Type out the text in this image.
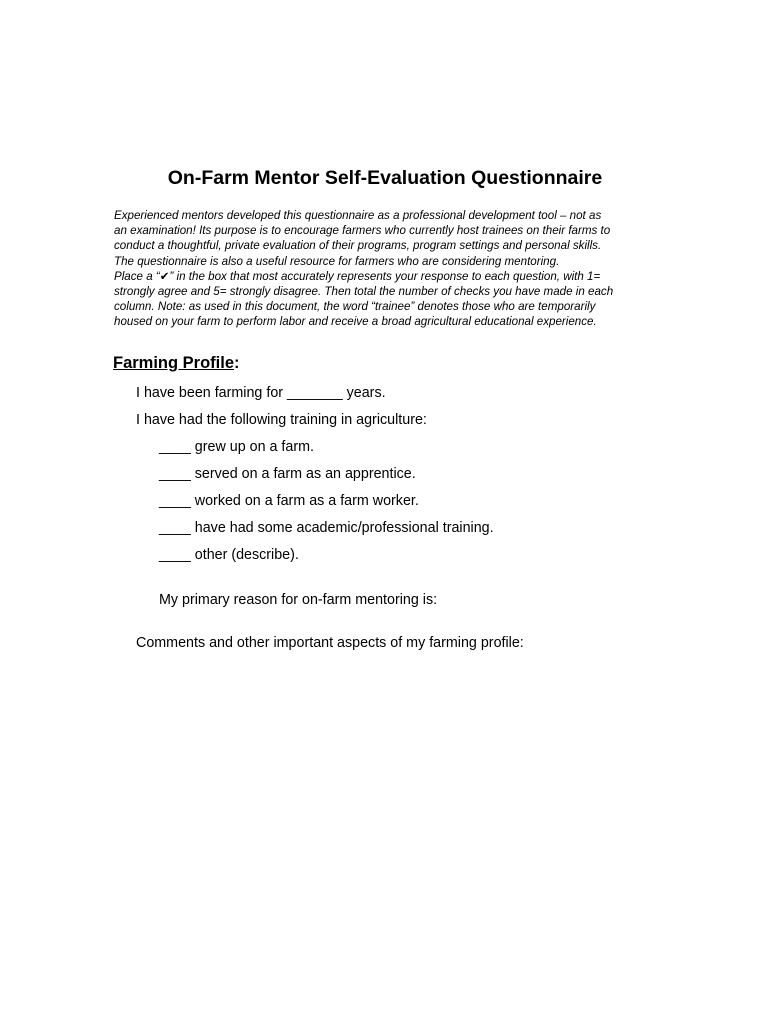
On-Farm Mentor Self-Evaluation Questionnaire
Experienced mentors developed this questionnaire as a professional development tool – not as
an examination! Its purpose is to encourage farmers who currently host trainees on their farms to
conduct a thoughtful, private evaluation of their programs, program settings and personal skills.
The questionnaire is also a useful resource for farmers who are considering mentoring.
Place a “✔” in the box that most accurately represents your response to each question, with 1=
strongly agree and 5= strongly disagree. Then total the number of checks you have made in each
column. Note: as used in this document, the word “trainee” denotes those who are temporarily
housed on your farm to perform labor and receive a broad agricultural educational experience.
Farming Profile:
I have been farming for _______ years.
I have had the following training in agriculture:
____ grew up on a farm.
____ served on a farm as an apprentice.
____ worked on a farm as a farm worker.
____ have had some academic/professional training.
____ other (describe).
My primary reason for on-farm mentoring is:
Comments and other important aspects of my farming profile:
